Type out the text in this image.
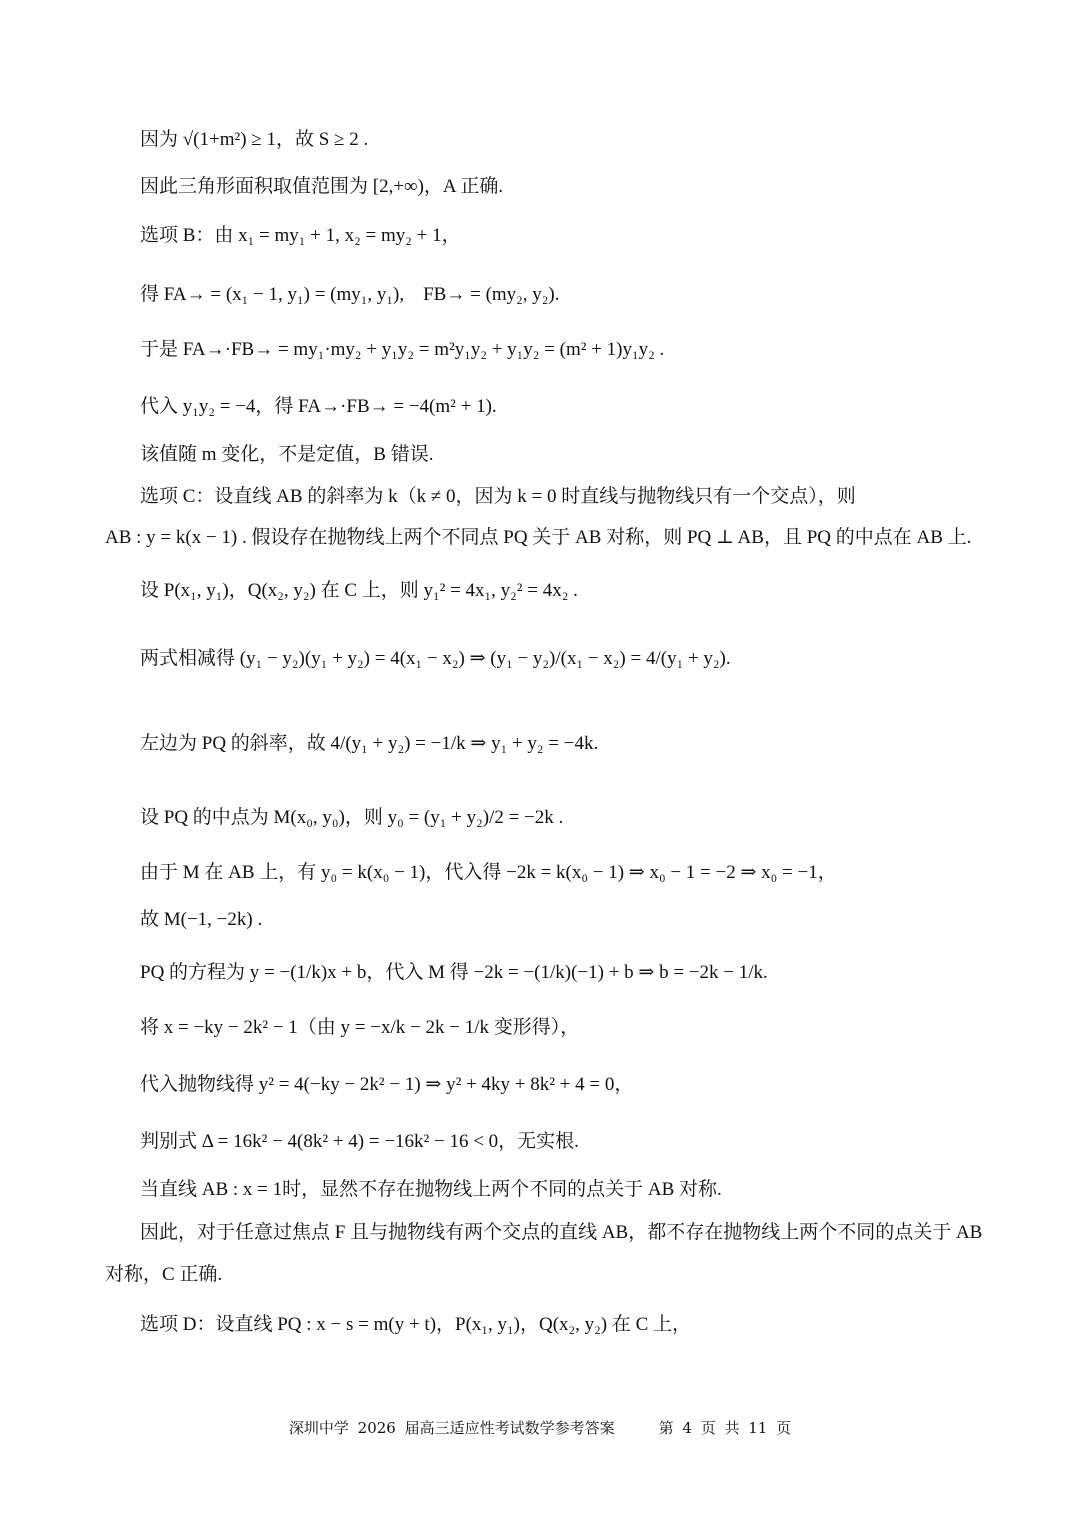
因为 √(1+m²) ≥ 1，故 S ≥ 2 .
因此三角形面积取值范围为 [2,+∞)，A 正确.
选项 B：由 x₁ = my₁ + 1, x₂ = my₂ + 1，
得 FA→ = (x₁ − 1, y₁) = (my₁, y₁),　FB→ = (my₂, y₂).
于是 FA→·FB→ = my₁·my₂ + y₁y₂ = m²y₁y₂ + y₁y₂ = (m² + 1)y₁y₂ .
代入 y₁y₂ = −4，得 FA→·FB→ = −4(m² + 1).
该值随 m 变化，不是定值，B 错误.
选项 C：设直线 AB 的斜率为 k（k ≠ 0，因为 k = 0 时直线与抛物线只有一个交点），则
AB : y = k(x − 1) . 假设存在抛物线上两个不同点 PQ 关于 AB 对称，则 PQ ⊥ AB，且 PQ 的中点在 AB 上.
设 P(x₁, y₁)，Q(x₂, y₂) 在 C 上，则 y₁² = 4x₁, y₂² = 4x₂ .
两式相减得 (y₁ − y₂)(y₁ + y₂) = 4(x₁ − x₂) ⇒ (y₁ − y₂)/(x₁ − x₂) = 4/(y₁ + y₂).
左边为 PQ 的斜率，故 4/(y₁ + y₂) = −1/k ⇒ y₁ + y₂ = −4k.
设 PQ 的中点为 M(x₀, y₀)，则 y₀ = (y₁ + y₂)/2 = −2k .
由于 M 在 AB 上，有 y₀ = k(x₀ − 1)，代入得 −2k = k(x₀ − 1) ⇒ x₀ − 1 = −2 ⇒ x₀ = −1，
故 M(−1, −2k) .
PQ 的方程为 y = −(1/k)x + b，代入 M 得 −2k = −(1/k)(−1) + b ⇒ b = −2k − 1/k.
将 x = −ky − 2k² − 1（由 y = −x/k − 2k − 1/k 变形得），
代入抛物线得 y² = 4(−ky − 2k² − 1) ⇒ y² + 4ky + 8k² + 4 = 0，
判别式 Δ = 16k² − 4(8k² + 4) = −16k² − 16 < 0，无实根.
当直线 AB : x = 1时，显然不存在抛物线上两个不同的点关于 AB 对称.
因此，对于任意过焦点 F 且与抛物线有两个交点的直线 AB，都不存在抛物线上两个不同的点关于 AB
对称，C 正确.
选项 D：设直线 PQ : x − s = m(y + t)，P(x₁, y₁)，Q(x₂, y₂) 在 C 上，
深圳中学 2026 届高三适应性考试数学参考答案	第 4 页 共 11 页
